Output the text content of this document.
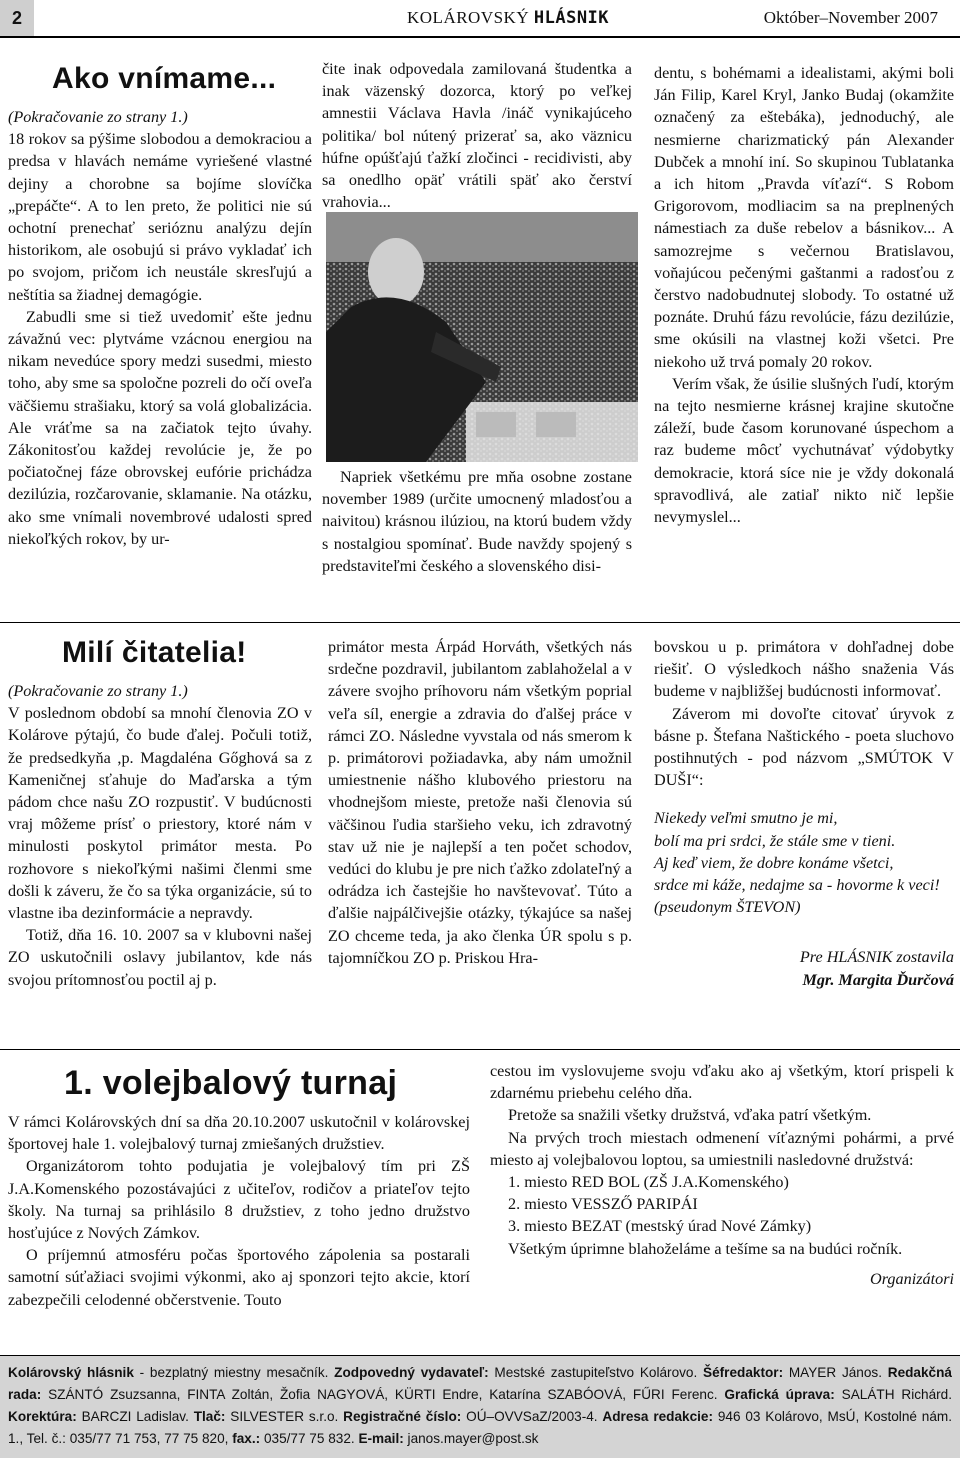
2	KOLÁROVSKÝ HLÁSNIK	Október–November 2007
Ako vnímame...

(Pokračovanie zo strany 1.)

18 rokov sa pýšime slobodou a demokraciou a predsa v hlavách nemáme vyriešené vlastné dejiny a chorobne sa bojíme slovíčka „prepáčte“. A to len preto, že politici nie sú ochotní prenechať serióznu analýzu dejín historikom, ale osobujú si právo vykladať ich po svojom, pričom ich neustále skresľujú a neštítia sa žiadnej demagógie.

Zabudli sme si tiež uvedomiť ešte jednu závažnú vec: plytváme vzácnou energiou na nikam nevedúce spory medzi susedmi, miesto toho, aby sme sa spoločne pozreli do očí oveľa väčšiemu strašiaku, ktorý sa volá globalizácia. Ale vráťme sa na začiatok tejto úvahy. Zákonitosťou každej revolúcie je, že po počiatočnej fáze obrovskej eufórie prichádza dezilúzia, rozčarovanie, sklamanie. Na otázku, ako sme vnímali novembrové udalosti spred niekoľkých rokov, by ur-

čite inak odpovedala zamilovaná študentka a inak väzenský dozorca, ktorý po veľkej amnestii Václava Havla /ináč vynikajúceho politika/ bol nútený prizerať sa, ako väznicu húfne opúšťajú ťažkí zločinci - recidivisti, aby sa onedlho opäť vrátili späť ako čerství vrahovia...

Napriek všetkému pre mňa osobne zostane november 1989 (určite umocnený mladosťou a naivitou) krásnou ilúziou, na ktorú budem vždy s nostalgiou spomínať. Bude navždy spojený s predstaviteľmi českého a slovenského disi-

dentu, s bohémami a idealistami, akými boli Ján Filip, Karel Kryl, Janko Budaj (okamžite označený za eštebáka), jednoduchý, ale nesmierne charizmatický pán Alexander Dubček a mnohí iní. So skupinou Tublatanka a ich hitom „Pravda víťazí“. S Robom Grigorovom, modliacim sa na preplnených námestiach za duše rebelov a básnikov... A samozrejme s večernou Bratislavou, voňajúcou pečenými gaštanmi a radosťou z čerstvo nadobudnutej slobody. To ostatné už poznáte. Druhú fázu revolúcie, fázu dezilúzie, sme okúsili na vlastnej koži všetci. Pre niekoho už trvá pomaly 20 rokov.

Verím však, že úsilie slušných ľudí, ktorým na tejto nesmierne krásnej krajine skutočne záleží, bude časom korunované úspechom a raz budeme môcť vychutnávať výdobytky demokracie, ktorá síce nie je vždy dokonalá spravodlivá, ale zatiaľ nikto nič lepšie nevymyslel...

Milí čitatelia!

(Pokračovanie zo strany 1.)

V poslednom období sa mnohí členovia ZO v Kolárove pýtajú, čo bude ďalej. Počuli totiž, že predsedkyňa ,p. Magdaléna Gőghová sa z Kameničnej sťahuje do Maďarska a tým pádom chce našu ZO rozpustiť. V budúcnosti vraj môžeme prísť o priestory, ktoré nám v minulosti poskytol primátor mesta. Po rozhovore s niekoľkými našimi členmi sme došli k záveru, že čo sa týka organizácie, sú to vlastne iba dezinformácie a nepravdy.

Totiž, dňa 16. 10. 2007 sa v klubovni našej ZO uskutočnili oslavy jubilantov, kde nás svojou prítomnosťou poctil aj p.

primátor mesta Árpád Horváth, všetkých nás srdečne pozdravil, jubilantom zablahoželal a v závere svojho príhovoru nám všetkým poprial veľa síl, energie a zdravia do ďalšej práce v rámci ZO. Následne vyvstala od nás smerom k p. primátorovi požiadavka, aby nám umožnil umiestnenie nášho klubového priestoru na vhodnejšom mieste, pretože naši členovia sú väčšinou ľudia staršieho veku, ich zdravotný stav už nie je najlepší a ten počet schodov, vedúci do klubu je pre nich ťažko zdolateľný a odrádza ich častejšie ho navštevovať. Túto a ďalšie najpálčivejšie otázky, týkajúce sa našej ZO chceme teda, ja ako členka ÚR spolu s p. tajomníčkou ZO p. Priskou Hra-

bovskou u p. primátora v dohľadnej dobe riešiť. O výsledkoch nášho snaženia Vás budeme v najbližšej budúcnosti informovať.

Záverom mi dovoľte citovať úryvok z básne p. Štefana Naštického - poeta sluchovo postihnutých - pod názvom „SMÚTOK V DUŠI“:

Niekedy veľmi smutno je mi,
bolí ma pri srdci, že stále sme v tieni.
Aj keď viem, že dobre konáme všetci,
srdce mi káže, nedajme sa - hovorme k veci!
(pseudonym ŠTEVON)
Pre HLÁSNIK zostavila
Mgr. Margita Ďurčová
1. volejbalový turnaj

V rámci Kolárovských dní sa dňa 20.10.2007 uskutočnil v kolárovskej športovej hale 1. volejbalový turnaj zmiešaných družstiev.

Organizátorom tohto podujatia je volejbalový tím pri ZŠ J.A.Komenského pozostávajúci z učiteľov, rodičov a priateľov tejto školy. Na turnaj sa prihlásilo 8 družstiev, z toho jedno družstvo hosťujúce z Nových Zámkov.

O príjemnú atmosféru počas športového zápolenia sa postarali samotní súťažiaci svojimi výkonmi, ako aj sponzori tejto akcie, ktorí zabezpečili celodenné občerstvenie. Touto

cestou im vyslovujeme svoju vďaku ako aj všetkým, ktorí prispeli k zdarnému priebehu celého dňa.

Pretože sa snažili všetky družstvá, vďaka patrí všetkým.

Na prvých troch miestach odmenení víťaznými pohármi, a prvé miesto aj volejbalovou loptou, sa umiestnili nasledovné družstvá:

1. miesto RED BOL (ZŠ J.A.Komenského)
2. miesto VESSZŐ PARIPÁI
3. miesto BEZAT (mestský úrad Nové Zámky)

Všetkým úprimne blahoželáme a tešíme sa na budúci ročník.

Organizátori

Kolárovský hlásnik - bezplatný miestny mesačník. Zodpovedný vydavateľ: Mestské zastupiteľstvo Kolárovo. Šéfredaktor: MAYER János. Redakčná rada: SZÁNTÓ Zsuzsanna, FINTA Zoltán, Žofia NAGYOVÁ, KÜRTI Endre, Katarína SZABÓOVÁ, FŰRI Ferenc. Grafická úprava: SALÁTH Richárd. Korektúra: BARCZI Ladislav. Tlač: SILVESTER s.r.o. Registračné číslo: OÚ–OVVSaZ/2003-4. Adresa redakcie: 946 03 Kolárovo, MsÚ, Kostolné nám. 1., Tel. č.: 035/77 71 753, 77 75 820, fax.: 035/77 75 832. E-mail: janos.mayer@post.sk
